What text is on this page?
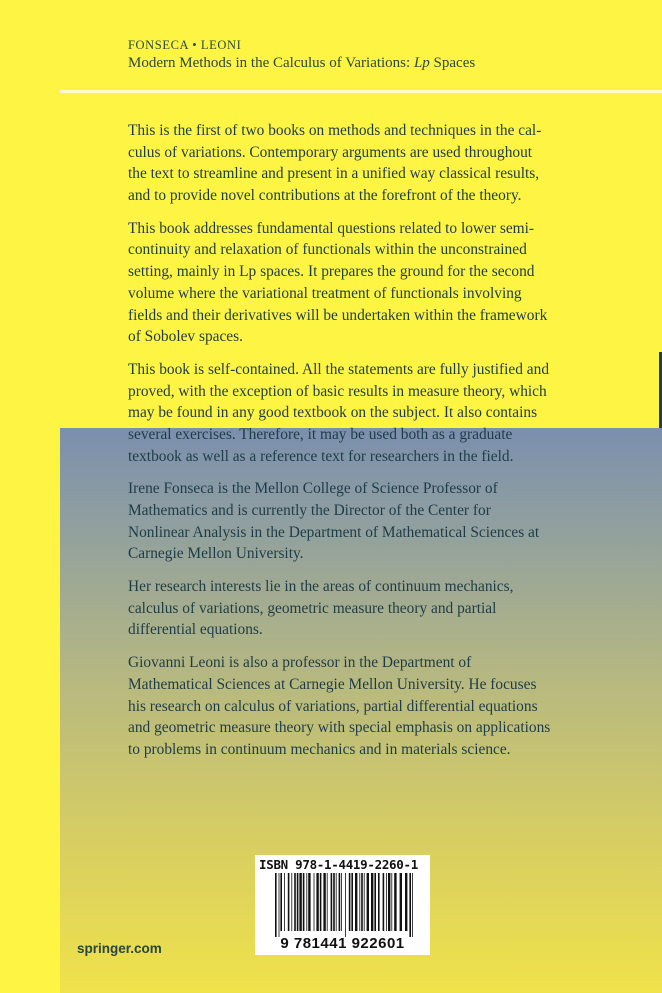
FONSECA • LEONI
Modern Methods in the Calculus of Variations: Lp Spaces
This is the first of two books on methods and techniques in the cal-
culus of variations. Contemporary arguments are used throughout
the text to streamline and present in a unified way classical results,
and to provide novel contributions at the forefront of the theory.
This book addresses fundamental questions related to lower semi-
continuity and relaxation of functionals within the unconstrained
setting, mainly in Lp spaces. It prepares the ground for the second
volume where the variational treatment of functionals involving
fields and their derivatives will be undertaken within the framework
of Sobolev spaces.
This book is self-contained. All the statements are fully justified and
proved, with the exception of basic results in measure theory, which
may be found in any good textbook on the subject. It also contains
several exercises. Therefore, it may be used both as a graduate
textbook as well as a reference text for researchers in the field.
Irene Fonseca is the Mellon College of Science Professor of
Mathematics and is currently the Director of the Center for
Nonlinear Analysis in the Department of Mathematical Sciences at
Carnegie Mellon University.
Her research interests lie in the areas of continuum mechanics,
calculus of variations, geometric measure theory and partial
differential equations.
Giovanni Leoni is also a professor in the Department of
Mathematical Sciences at Carnegie Mellon University. He focuses
his research on calculus of variations, partial differential equations
and geometric measure theory with special emphasis on applications
to problems in continuum mechanics and in materials science.
ISBN 978-1-4419-2260-1
9 781441 922601
springer.com
